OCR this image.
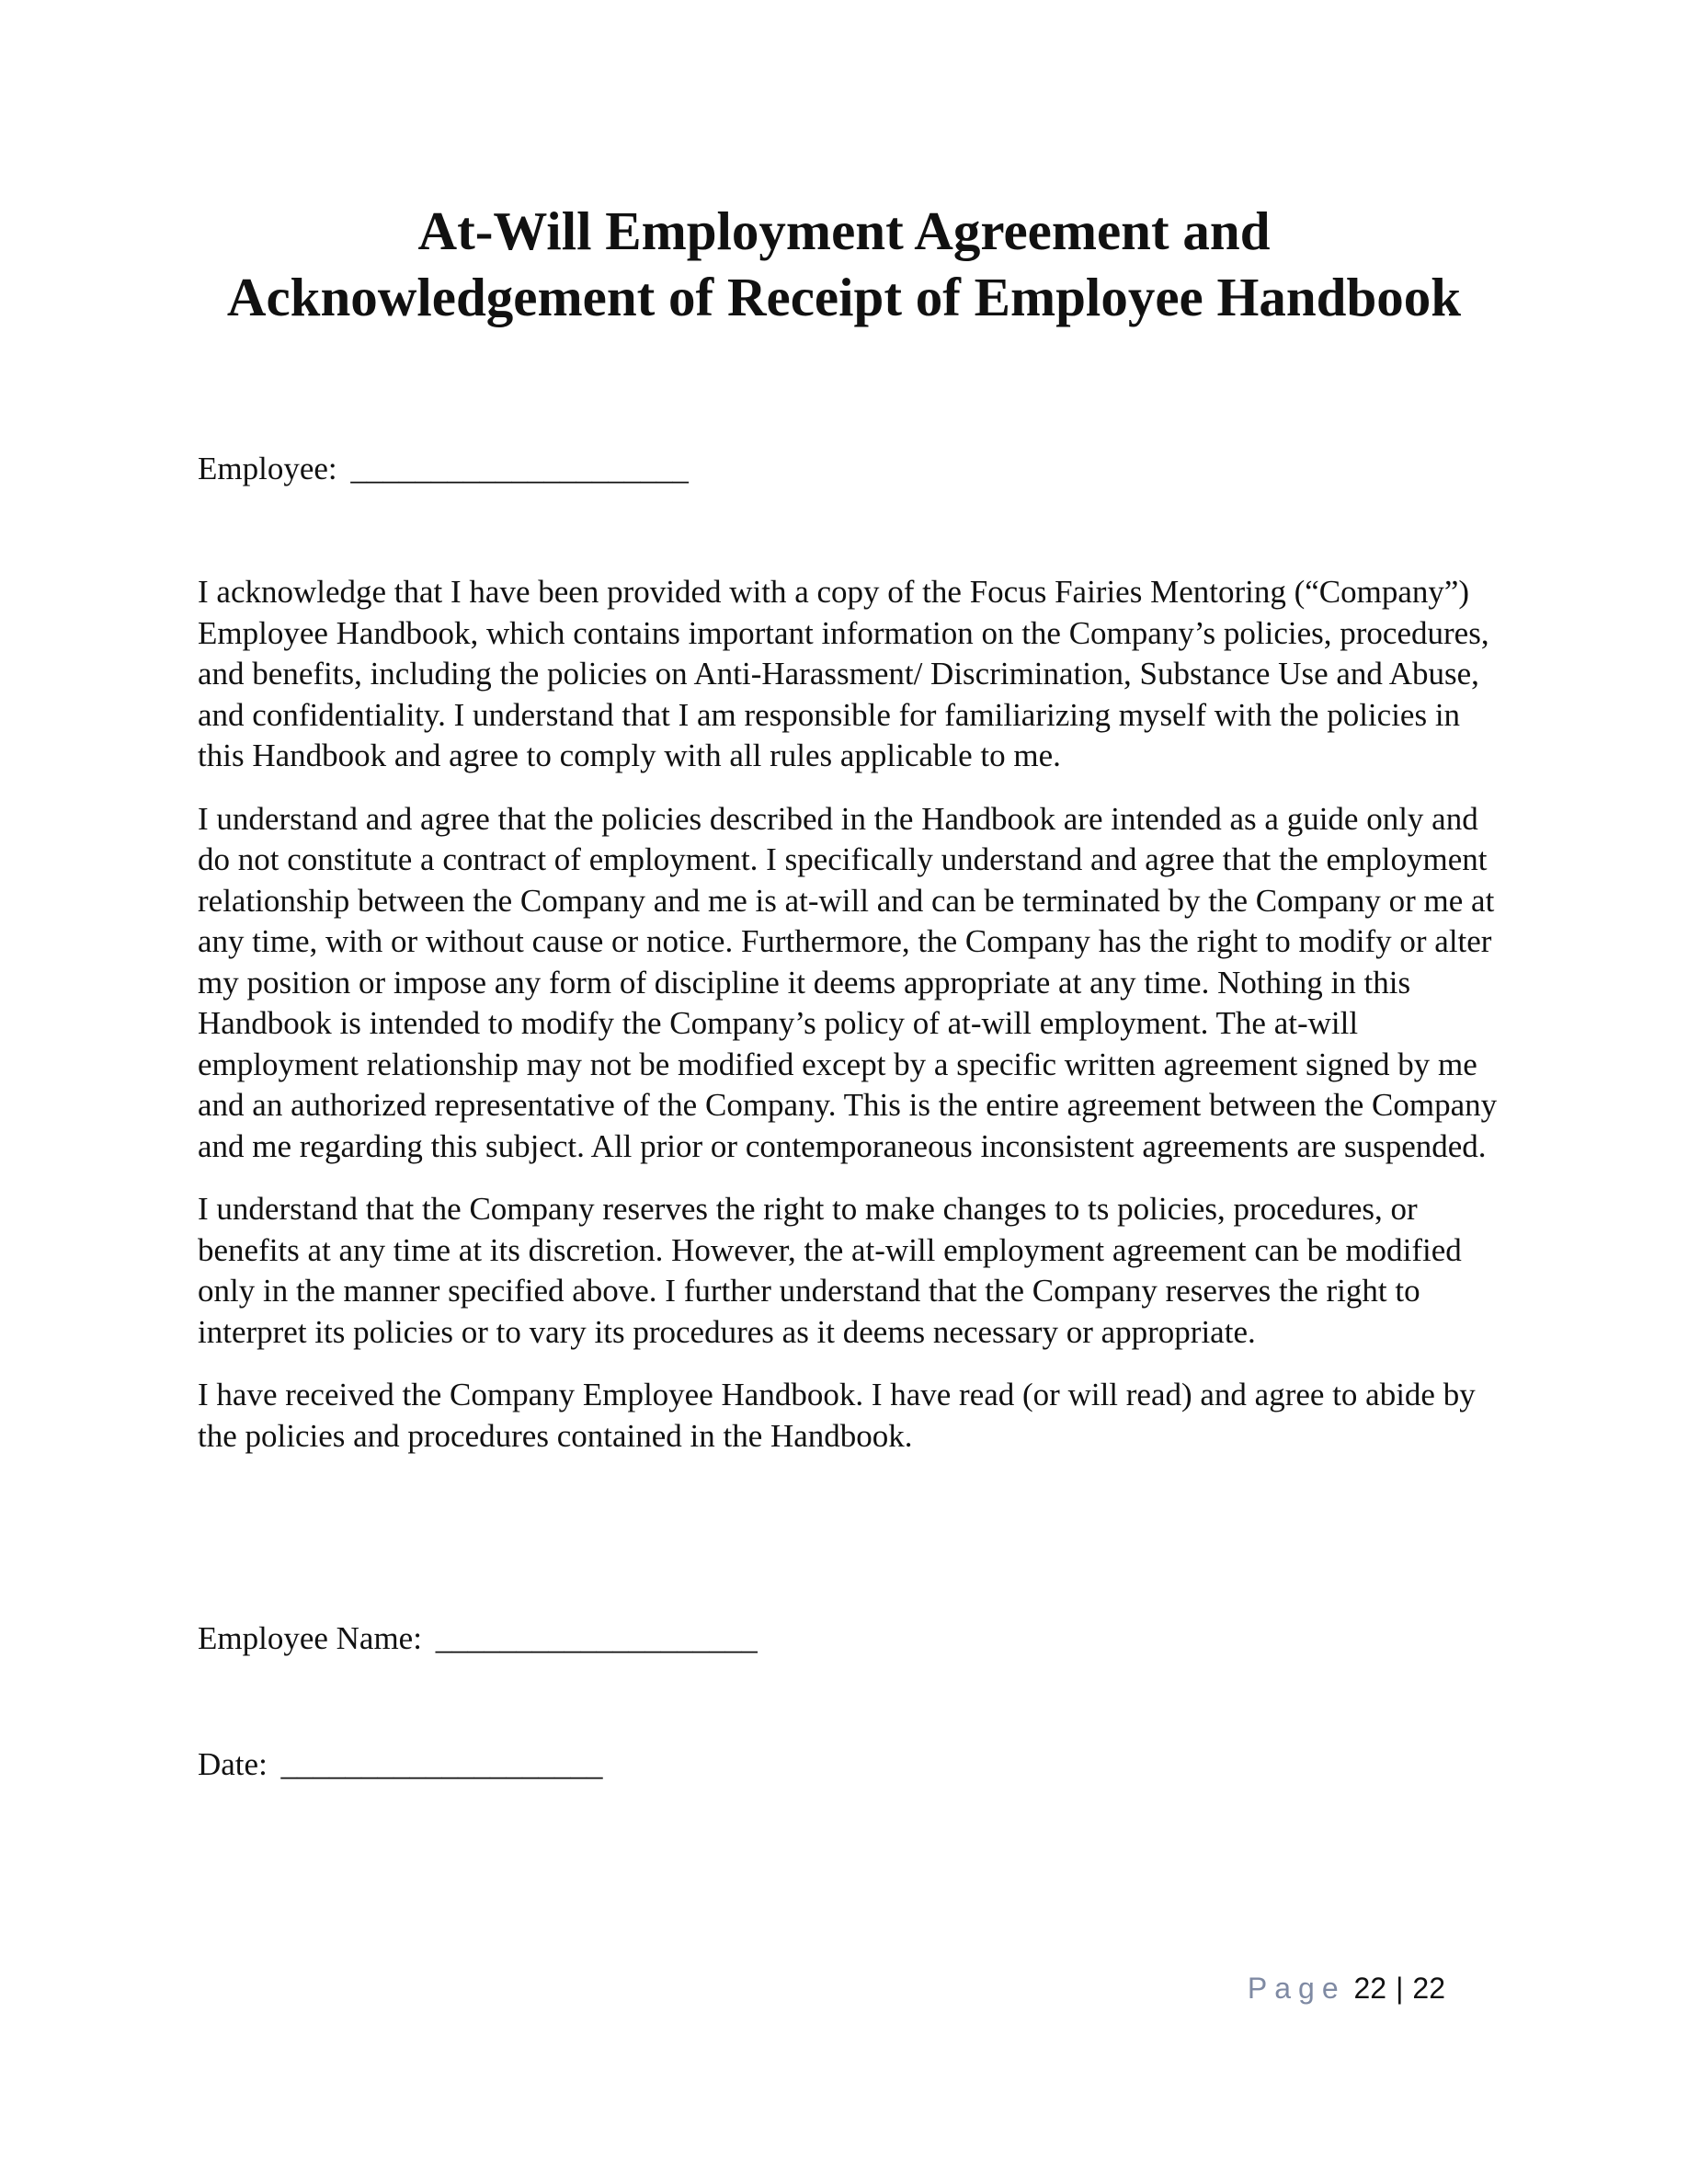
At-Will Employment Agreement and
Acknowledgement of Receipt of Employee Handbook
Employee: _____________________

I acknowledge that I have been provided with a copy of the Focus Fairies Mentoring (“Company”) Employee Handbook, which contains important information on the Company’s policies, procedures, and benefits, including the policies on Anti-Harassment/ Discrimination, Substance Use and Abuse, and confidentiality. I understand that I am responsible for familiarizing myself with the policies in this Handbook and agree to comply with all rules applicable to me.

I understand and agree that the policies described in the Handbook are intended as a guide only and do not constitute a contract of employment. I specifically understand and agree that the employment relationship between the Company and me is at-will and can be terminated by the Company or me at any time, with or without cause or notice. Furthermore, the Company has the right to modify or alter my position or impose any form of discipline it deems appropriate at any time. Nothing in this Handbook is intended to modify the Company’s policy of at-will employment. The at-will employment relationship may not be modified except by a specific written agreement signed by me and an authorized representative of the Company. This is the entire agreement between the Company and me regarding this subject. All prior or contemporaneous inconsistent agreements are suspended.

I understand that the Company reserves the right to make changes to ts policies, procedures, or benefits at any time at its discretion. However, the at-will employment agreement can be modified only in the manner specified above. I further understand that the Company reserves the right to interpret its policies or to vary its procedures as it deems necessary or appropriate.

I have received the Company Employee Handbook. I have read (or will read) and agree to abide by the policies and procedures contained in the Handbook.

Employee Name: ____________________
Date: ____________________
Page 22 | 22
